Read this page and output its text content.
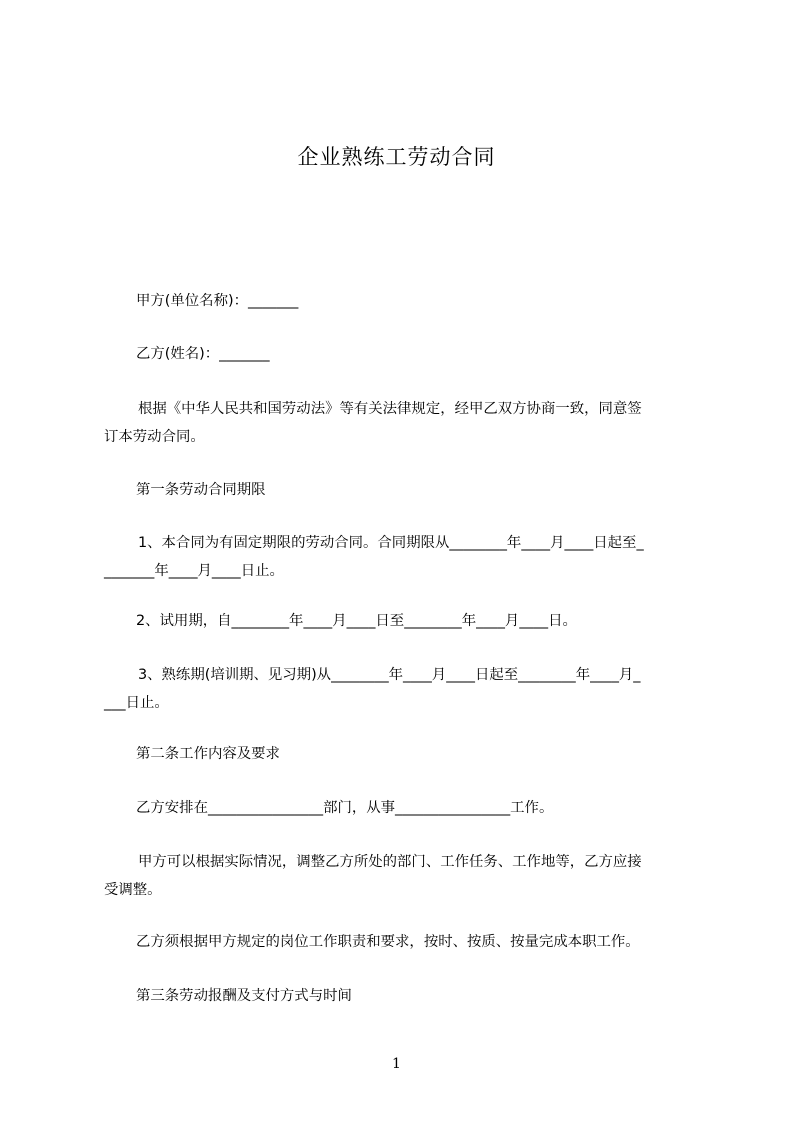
企业熟练工劳动合同
甲方(单位名称)：_______
乙方(姓名)：_______
根据《中华人民共和国劳动法》等有关法律规定，经甲乙双方协商一致，同意签
订本劳动合同。
第一条劳动合同期限
1、本合同为有固定期限的劳动合同。合同期限从________年____月____日起至_
_______年____月____日止。
2、试用期，自________年____月____日至________年____月____日。
3、熟练期(培训期、见习期)从________年____月____日起至________年____月_
___日止。
第二条工作内容及要求
乙方安排在________________部门，从事________________工作。
甲方可以根据实际情况，调整乙方所处的部门、工作任务、工作地等，乙方应接
受调整。
乙方须根据甲方规定的岗位工作职责和要求，按时、按质、按量完成本职工作。
第三条劳动报酬及支付方式与时间
1
